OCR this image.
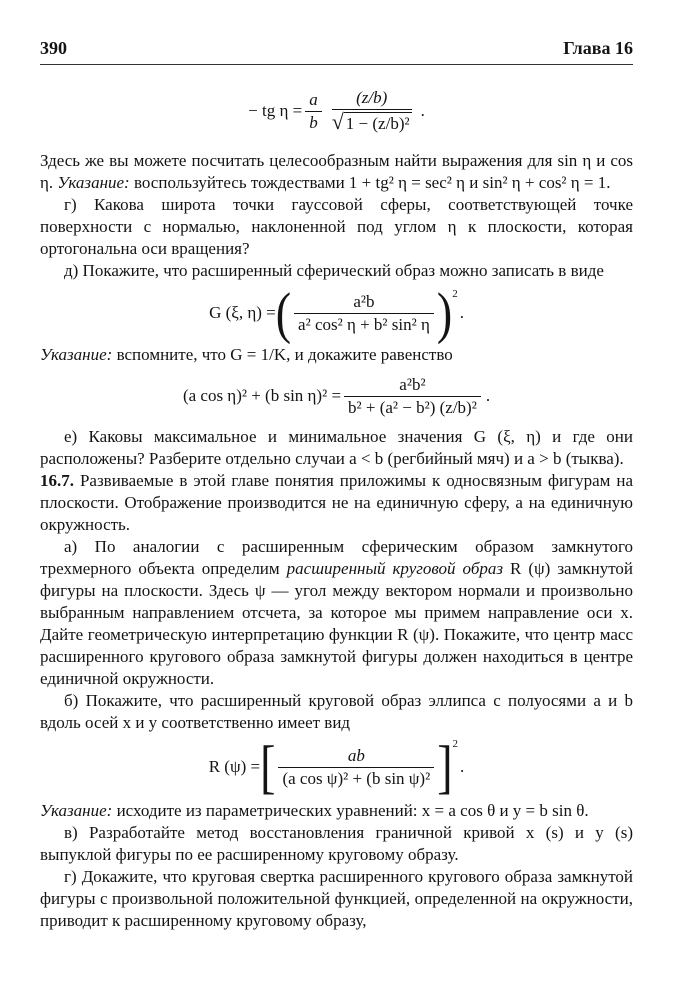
390	Глава 16
− tg $\eta = \frac{a}{b} (z/b)$
√ 1 − (z/b)²
.

Здесь же вы можете посчитать целесообразным найти выражения для sin η и cos η. Указание: воспользуйтесь тождествами 1 + tg² η = sec² η и sin² η + cos² η = 1.

г) Какова широта точки гауссовой сферы, соответствующей точке поверхности с нормалью, наклоненной под углом η к плоскости, которая ортогональна оси вращения?

д) Покажите, что расширенный сферический образ можно записать в виде

G (ξ, η) = ( $\frac{\text{a²b}}{\text{a² cos² η + b² sin² η}} )^2$
.

Указание: вспомните, что G = 1/K, и докажите равенство

(a cos η)² + (b $\sin \eta)^2 = \frac{\text{a²b²}}{\text{b² + (a² − b²) (z/b)²}}$ .

е) Каковы максимальное и минимальное значения G (ξ, η) и где они расположены? Разберите отдельно случаи a < b (регбийный мяч) и a > b (тыква).

16.7. Развиваемые в этой главе понятия приложимы к односвязным фигурам на плоскости. Отображение производится не на единичную сферу, а на единичную окружность.

а) По аналогии с расширенным сферическим образом замкнутого трехмерного объекта определим расширенный круговой образ R (ψ) замкнутой фигуры на плоскости. Здесь ψ — угол между вектором нормали и произвольно выбранным направлением отсчета, за которое мы примем направление оси x. Дайте геометрическую интерпретацию функции R (ψ). Покажите, что центр масс расширенного кругового образа замкнутой фигуры должен находиться в центре единичной окружности.

б) Покажите, что расширенный круговой образ эллипса с полуосями a и b вдоль осей x и y соответственно имеет вид

R (ψ) = [ $\frac{ab}{\text{(a cos ψ)² + (b sin ψ)²}} ]^2$
.

Указание: исходите из параметрических уравнений: x = a cos θ и y = b sin θ.

в) Разработайте метод восстановления граничной кривой x (s) и y (s) выпуклой фигуры по ее расширенному круговому образу.

г) Докажите, что круговая свертка расширенного кругового образа замкнутой фигуры с произвольной положительной функцией, определенной на окружности, приводит к расширенному круговому образу,
